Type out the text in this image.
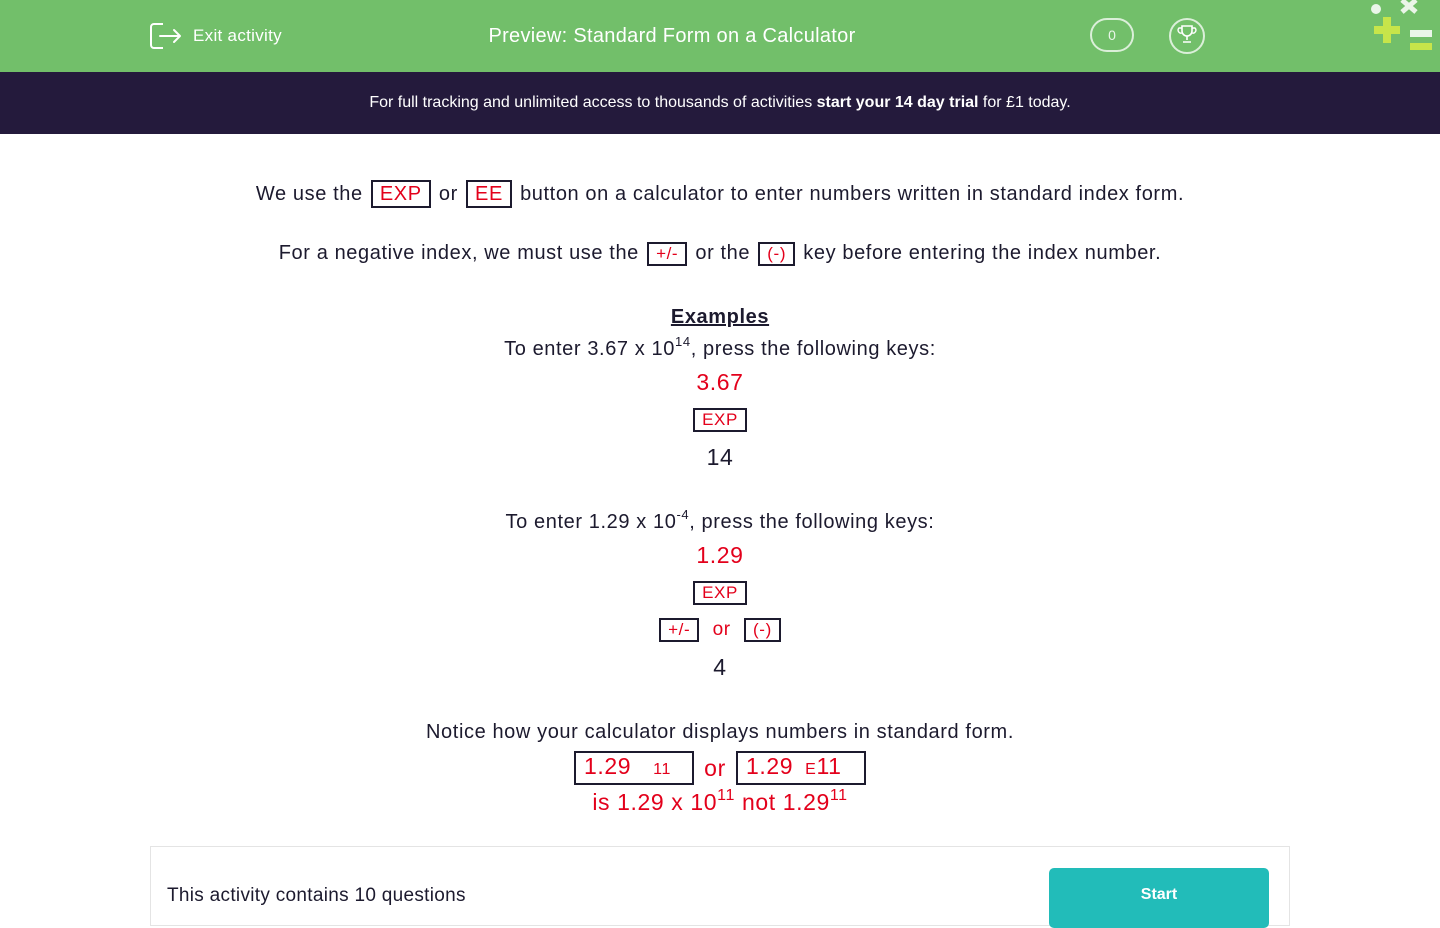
Exit activity	Preview: Standard Form on a Calculator	0
For full tracking and unlimited access to thousands of activities start your 14 day trial for £1 today.
We use the EXP or EE button on a calculator to enter numbers written in standard index form.
For a negative index, we must use the +/- or the (-) key before entering the index number.
Examples
To enter 3.67 x $10^{14}$, press the following keys:
3.67
EXP
14
To enter 1.29 x $10^{-4}$, press the following keys:
1.29
EXP
+/- or (-)
4
Notice how your calculator displays numbers in standard form.
1.29 11 or 1.29 E11
is 1.29 x $10^{11}$ not 1.29$^{11}$
This activity contains 10 questions	Start
